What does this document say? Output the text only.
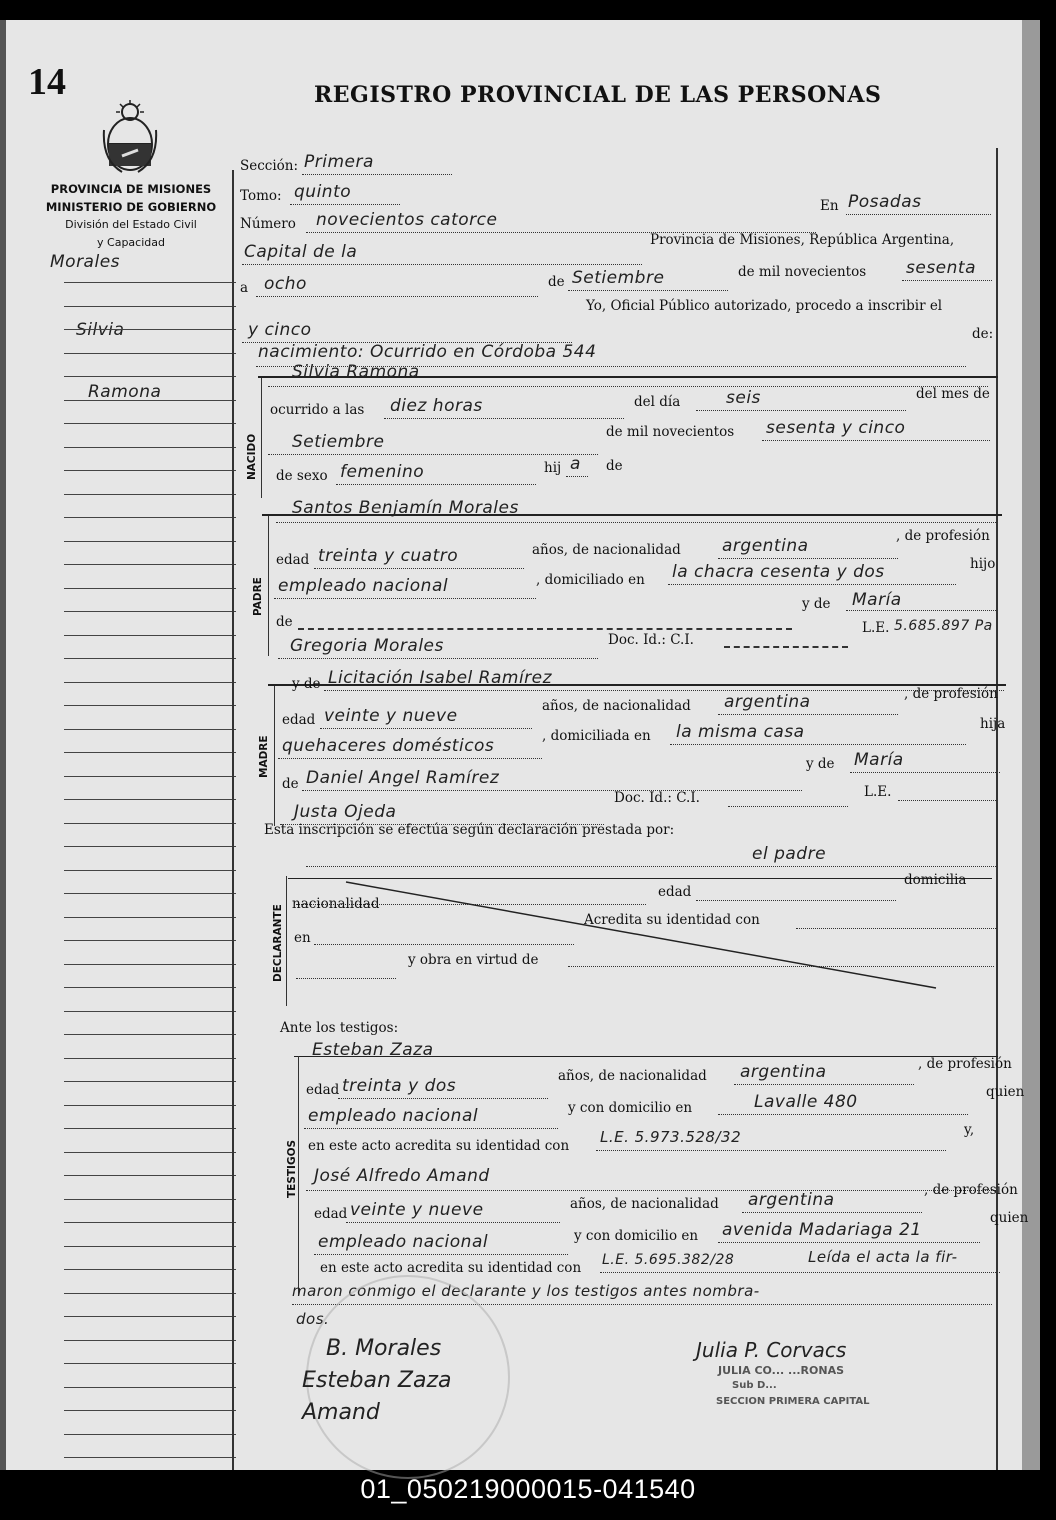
14	REGISTRO PROVINCIAL DE LAS PERSONAS
PROVINCIA DE MISIONES
MINISTERIO DE GOBIERNO
División del Estado Civil
y Capacidad
Morales
Silvia
Ramona
Sección: Primera
Tomo: quinto
Número novecientos catorce
En Posadas
Capital de la
Provincia de Misiones, República Argentina,
a ocho	de Setiembre	de mil novecientos sesenta
y cinco
Yo, Oficial Público autorizado, procedo a inscribir el
nacimiento: Ocurrido en Córdoba 544
de:
NACIDO
Silvia Ramona
ocurrido a las diez horas	del día	seis	del mes de
Setiembre	de mil novecientos sesenta y cinco
de sexo femenino	hij a de
PADRE
Santos Benjamín Morales
edad treinta y cuatro	años, de nacionalidad argentina	, de profesión
empleado nacional	, domiciliado en la chacra cesenta y dos	hijo
de
y de María
Gregoria Morales	Doc. Id.: C.I.
L.E. 5.685.897 Pa
MADRE
y de Licitación Isabel Ramírez
edad veinte y nueve	años, de nacionalidad argentina	, de profesión
quehaceres domésticos	, domiciliada en la misma casa	hija
de Daniel Angel Ramírez
y de María
Justa Ojeda
Doc. Id.: C.I.	L.E.
Esta inscripción se efectúa según declaración prestada por:
el padre
DECLARANTE
edad
domicilia
nacionalidad
en
Acredita su identidad con
y obra en virtud de
Ante los testigos:
TESTIGOS
Esteban Zaza
edad treinta y dos	años, de nacionalidad argentina	, de profesión
empleado nacional	y con domicilio en	Lavalle 480	quien
en este acto acredita su identidad con L.E. 5.973.528/32	y,
José Alfredo Amand
edad veinte y nueve	años, de nacionalidad argentina	, de profesión
empleado nacional	y con domicilio en avenida Madariaga 21
quien
en este acto acredita su identidad con L.E. 5.695.382/28	Leída el acta la fir-
maron conmigo el declarante y los testigos antes nombra-
dos.
B. Morales
Esteban Zaza
Amand
Julia P. Corvacs
JULIA CO... ...RONAS
Sub D...
SECCION PRIMERA CAPITAL
01_050219000015-041540
